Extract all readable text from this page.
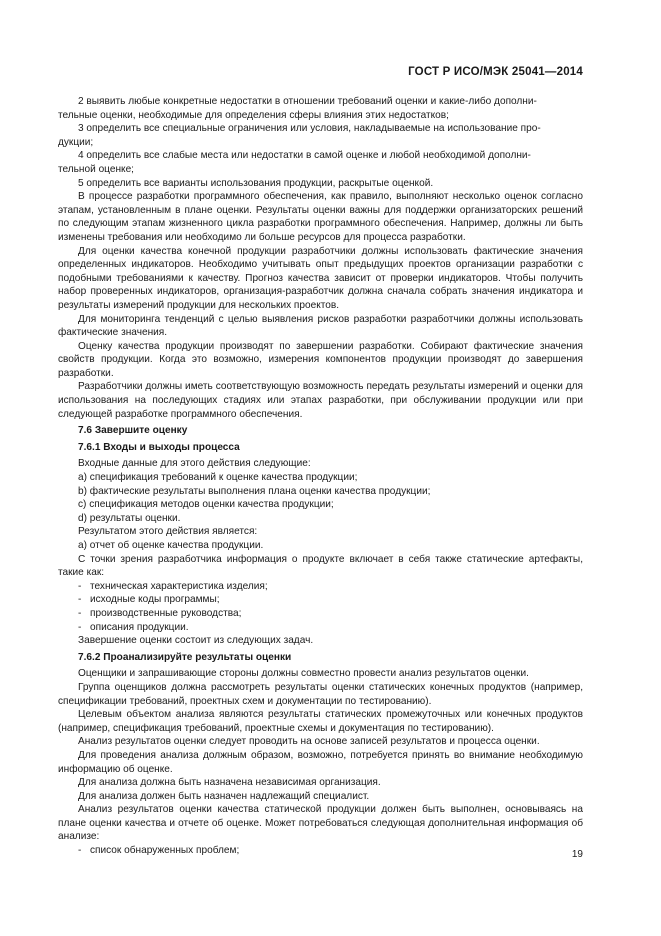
ГОСТ Р ИСО/МЭК 25041—2014

2 выявить любые конкретные недостатки в отношении требований оценки и какие-либо дополни-

тельные оценки, необходимые для определения сферы влияния этих недостатков;

3 определить все специальные ограничения или условия, накладываемые на использование про-

дукции;

4 определить все слабые места или недостатки в самой оценке и любой необходимой дополни-

тельной оценке;

5 определить все варианты использования продукции, раскрытые оценкой.

В процессе разработки программного обеспечения, как правило, выполняют несколько оценок согласно этапам, установленным в плане оценки. Результаты оценки важны для поддержки организаторских решений по следующим этапам жизненного цикла разработки программного обеспечения. Например, должны ли быть изменены требования или необходимо ли больше ресурсов для процесса разработки.

Для оценки качества конечной продукции разработчики должны использовать фактические значения определенных индикаторов. Необходимо учитывать опыт предыдущих проектов организации разработки с подобными требованиями к качеству. Прогноз качества зависит от проверки индикаторов. Чтобы получить набор проверенных индикаторов, организация-разработчик должна сначала собрать значения индикатора и результаты измерений продукции для нескольких проектов.

Для мониторинга тенденций с целью выявления рисков разработки разработчики должны использовать фактические значения.

Оценку качества продукции производят по завершении разработки. Собирают фактические значения свойств продукции. Когда это возможно, измерения компонентов продукции производят до завершения разработки.

Разработчики должны иметь соответствующую возможность передать результаты измерений и оценки для использования на последующих стадиях или этапах разработки, при обслуживании продукции или при следующей разработке программного обеспечения.

7.6 Завершите оценку
7.6.1 Входы и выходы процесса

Входные данные для этого действия следующие:

a) спецификация требований к оценке качества продукции;

b) фактические результаты выполнения плана оценки качества продукции;

c) спецификация методов оценки качества продукции;

d) результаты оценки.

Результатом этого действия является:

a) отчет об оценке качества продукции.

С точки зрения разработчика информация о продукте включает в себя также статические артефакты, такие как:

- техническая характеристика изделия;

- исходные коды программы;

- производственные руководства;

- описания продукции.

Завершение оценки состоит из следующих задач.

7.6.2 Проанализируйте результаты оценки

Оценщики и запрашивающие стороны должны совместно провести анализ результатов оценки.

Группа оценщиков должна рассмотреть результаты оценки статических конечных продуктов (например, спецификации требований, проектных схем и документации по тестированию).

Целевым объектом анализа являются результаты статических промежуточных или конечных продуктов (например, спецификация требований, проектные схемы и документация по тестированию).

Анализ результатов оценки следует проводить на основе записей результатов и процесса оценки.

Для проведения анализа должным образом, возможно, потребуется принять во внимание необходимую информацию об оценке.

Для анализа должна быть назначена независимая организация.

Для анализа должен быть назначен надлежащий специалист.

Анализ результатов оценки качества статической продукции должен быть выполнен, основываясь на плане оценки качества и отчете об оценке. Может потребоваться следующая дополнительная информация об анализе:

- список обнаруженных проблем;	19
